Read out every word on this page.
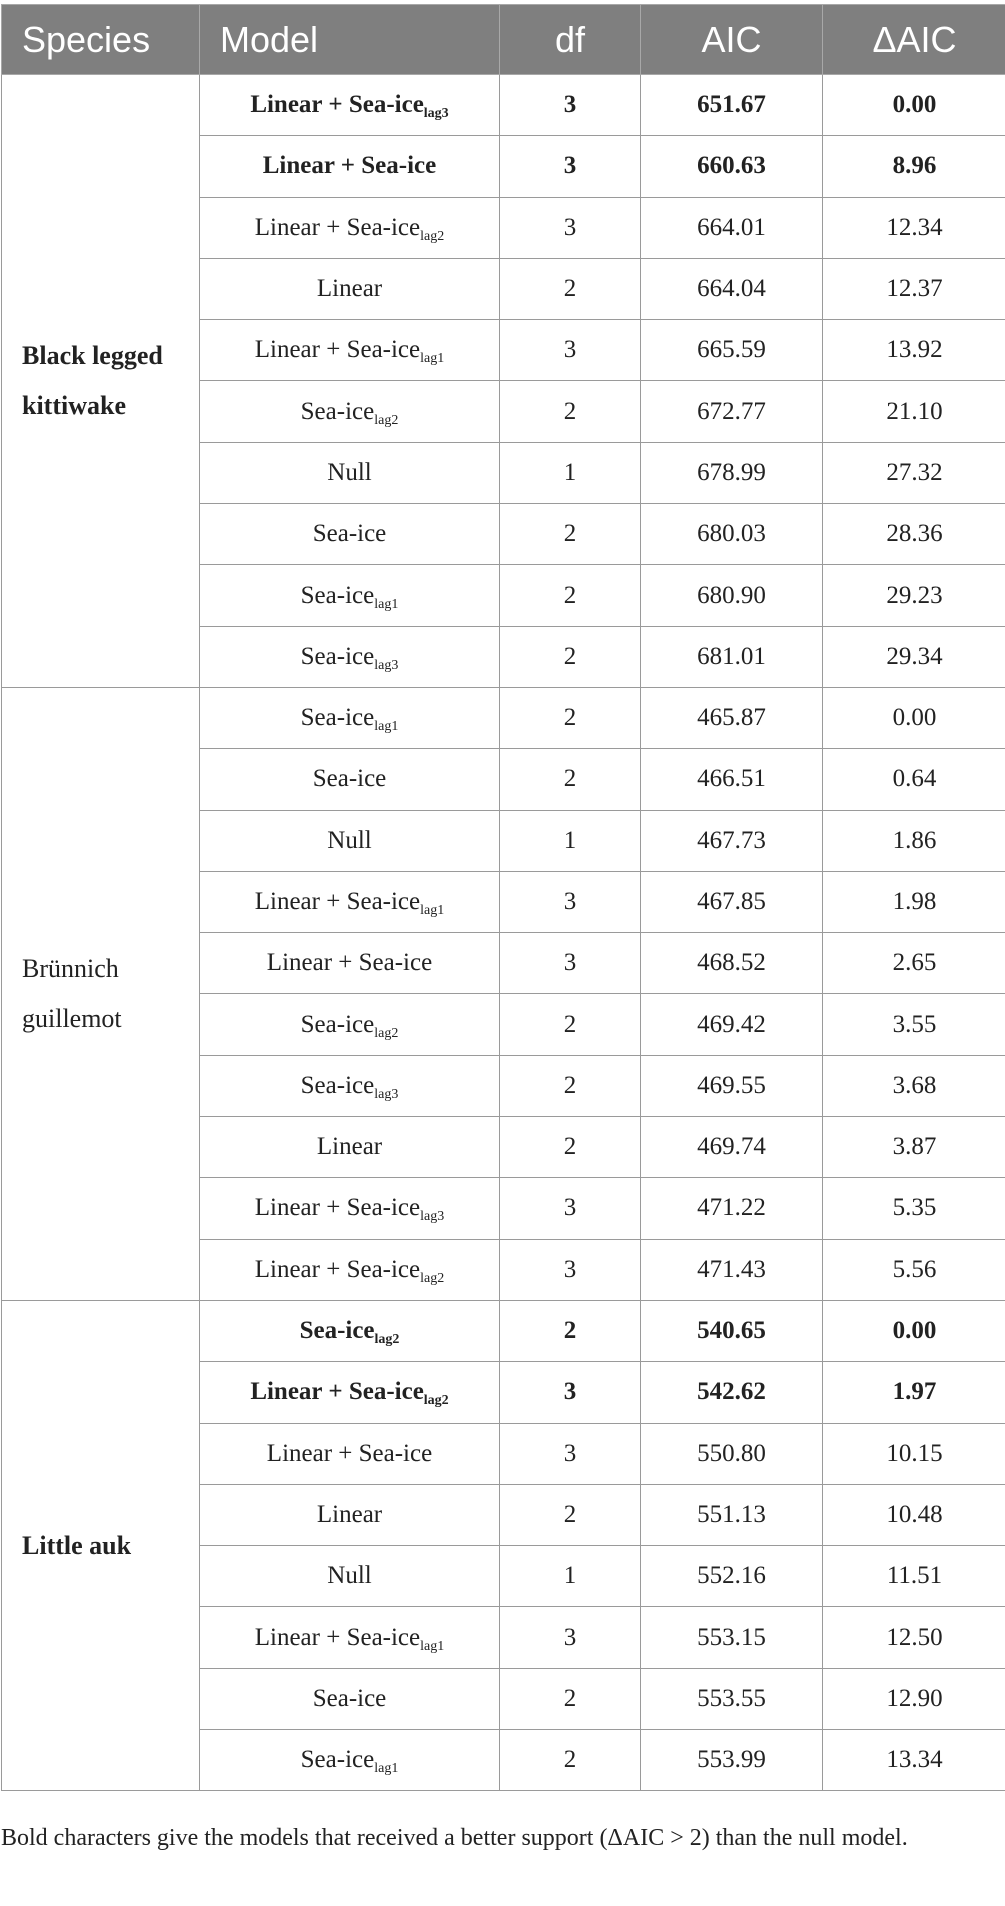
Species	Model	df	AIC	ΔAIC

Black legged
kittiwake	Linear + Sea-ice$_{lag3}$	3	651.67	0.00
	Linear + Sea-ice	3	660.63	8.96
	Linear + Sea-ice$_{lag2}$	3	664.01	12.34
	Linear	2	664.04	12.37
	Linear + Sea-ice$_{lag1}$	3	665.59	13.92
	Sea-ice$_{lag2}$	2	672.77	21.10
	Null	1	678.99	27.32
	Sea-ice	2	680.03	28.36
	Sea-ice$_{lag1}$	2	680.90	29.23
	Sea-ice$_{lag3}$	2	681.01	29.34

Brünnich
guillemot	Sea-ice$_{lag1}$	2	465.87	0.00
	Sea-ice	2	466.51	0.64
	Null	1	467.73	1.86
	Linear + Sea-ice$_{lag1}$	3	467.85	1.98
	Linear + Sea-ice	3	468.52	2.65
	Sea-ice$_{lag2}$	2	469.42	3.55
	Sea-ice$_{lag3}$	2	469.55	3.68
	Linear	2	469.74	3.87
	Linear + Sea-ice$_{lag3}$	3	471.22	5.35
	Linear + Sea-ice$_{lag2}$	3	471.43	5.56

Little auk	Sea-ice$_{lag2}$	2	540.65	0.00
	Linear + Sea-ice$_{lag2}$	3	542.62	1.97
	Linear + Sea-ice	3	550.80	10.15
	Linear	2	551.13	10.48
	Null	1	552.16	11.51
	Linear + Sea-ice$_{lag1}$	3	553.15	12.50
	Sea-ice	2	553.55	12.90
	Sea-ice$_{lag1}$	2	553.99	13.34

Bold characters give the models that received a better support (ΔAIC > 2) than the null model.
